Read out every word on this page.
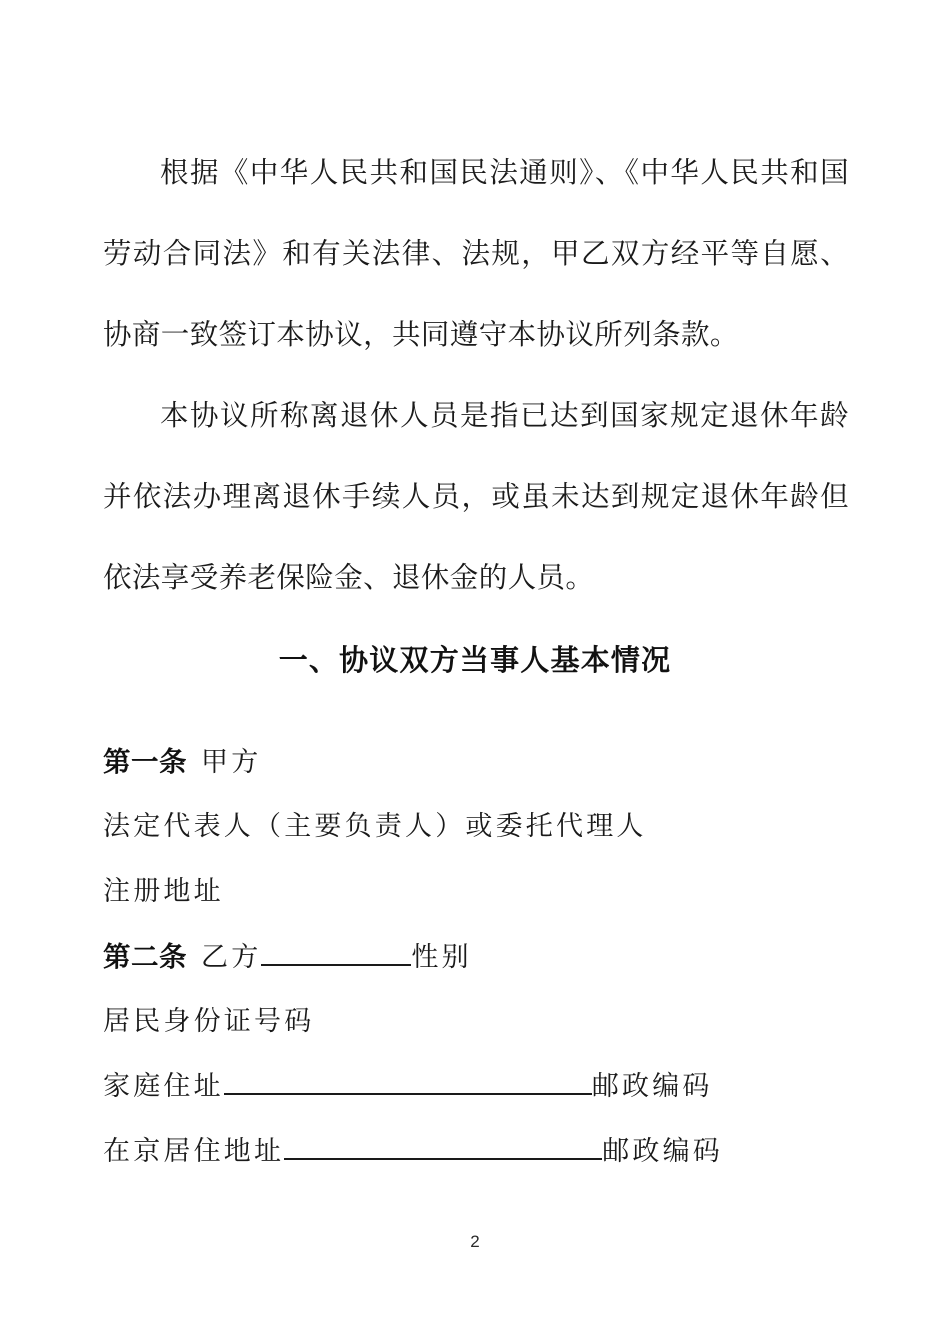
根据《中华人民共和国民法通则》、《中华人民共和国劳动合同法》和有关法律、法规，甲乙双方经平等自愿、协商一致签订本协议，共同遵守本协议所列条款。

本协议所称离退休人员是指已达到国家规定退休年龄并依法办理离退休手续人员，或虽未达到规定退休年龄但依法享受养老保险金、退休金的人员。

一、协议双方当事人基本情况
第一条 甲方
法定代表人（主要负责人）或委托代理人
注册地址
第二条 乙方	性别
居民身份证号码
家庭住址	邮政编码
在京居住地址	邮政编码
2
